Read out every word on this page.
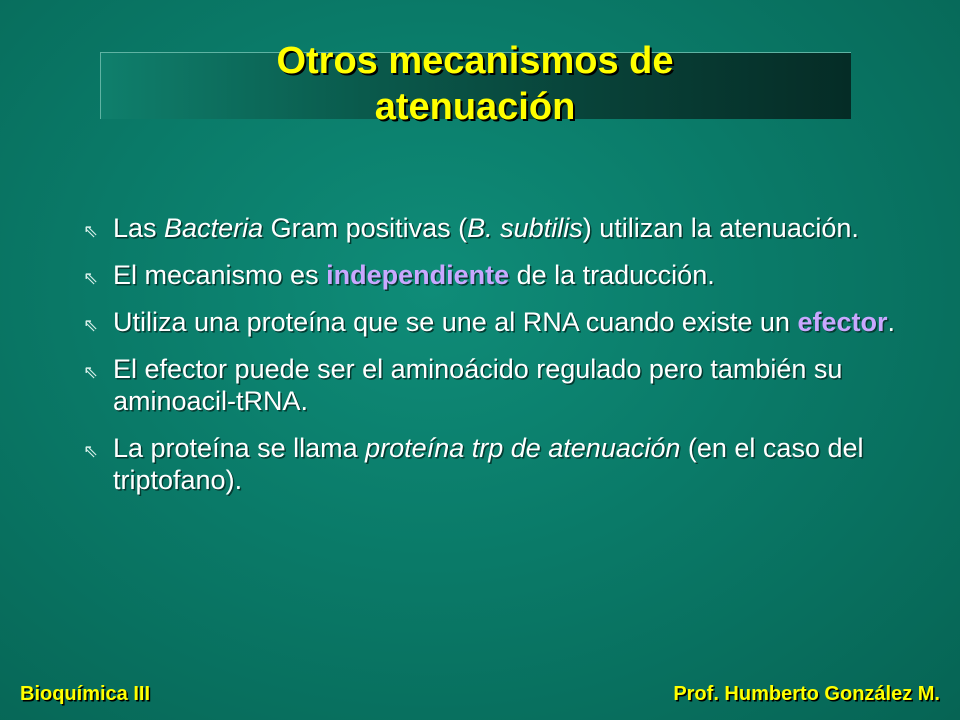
Otros mecanismos de
atenuación
⇖ Las Bacteria Gram positivas (B. subtilis) utilizan la atenuación.
⇖ El mecanismo es independiente de la traducción.
⇖ Utiliza una proteína que se une al RNA cuando existe un efector.
⇖ El efector puede ser el aminoácido regulado pero también su aminoacil-tRNA.
⇖ La proteína se llama proteína trp de atenuación (en el caso del triptofano).
Bioquímica III	Prof. Humberto González M.
